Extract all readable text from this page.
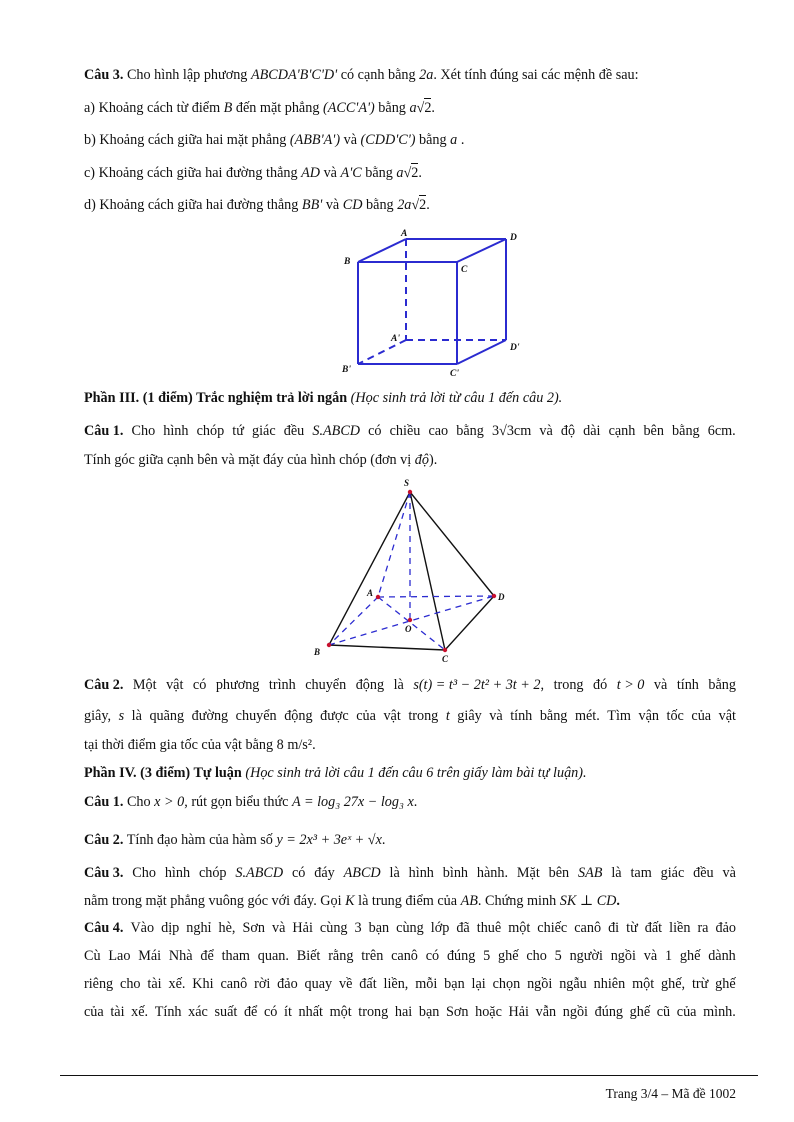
Câu 3. Cho hình lập phương ABCDA'B'C'D' có cạnh bằng 2a. Xét tính đúng sai các mệnh đề sau:
a) Khoảng cách từ điểm B đến mặt phẳng (ACC'A') bằng a√2.
b) Khoảng cách giữa hai mặt phẳng (ABB'A') và (CDD'C') bằng a .
c) Khoảng cách giữa hai đường thẳng AD và A'C bằng a√2.
d) Khoảng cách giữa hai đường thẳng BB' và CD bằng 2a√2.
A	D
B
C
A'
D'
B'	C'
Phần III. (1 điểm) Trắc nghiệm trả lời ngắn (Học sinh trả lời từ câu 1 đến câu 2).
Câu 1. Cho hình chóp tứ giác đều S.ABCD có chiều cao bằng 3√3cm và độ dài cạnh bên bằng 6cm.
Tính góc giữa cạnh bên và mặt đáy của hình chóp (đơn vị độ).
S
A
B
C
D
O
Câu 2. Một vật có phương trình chuyển động là s(t) = t³ − 2t² + 3t + 2, trong đó t > 0 và tính bằng
giây, s là quãng đường chuyển động được của vật trong t giây và tính bằng mét. Tìm vận tốc của vật
tại thời điểm gia tốc của vật bằng 8 m/s².
Phần IV. (3 điểm) Tự luận (Học sinh trả lời câu 1 đến câu 6 trên giấy làm bài tự luận).
Câu 1. Cho x > 0, rút gọn biểu thức A = log₃ 27x − log₃ x.
Câu 2. Tính đạo hàm của hàm số y = 2x³ + 3eˣ + √x.
Câu 3. Cho hình chóp S.ABCD có đáy ABCD là hình bình hành. Mặt bên SAB là tam giác đều và
nằm trong mặt phẳng vuông góc với đáy. Gọi K là trung điểm của AB. Chứng minh SK ⊥ CD.
Câu 4. Vào dịp nghỉ hè, Sơn và Hải cùng 3 bạn cùng lớp đã thuê một chiếc canô đi từ đất liền ra đảo
Cù Lao Mái Nhà để tham quan. Biết rằng trên canô có đúng 5 ghế cho 5 người ngồi và 1 ghế dành
riêng cho tài xế. Khi canô rời đảo quay về đất liền, mỗi bạn lại chọn ngồi ngẫu nhiên một ghế, trừ ghế
của tài xế. Tính xác suất để có ít nhất một trong hai bạn Sơn hoặc Hải vẫn ngồi đúng ghế cũ của mình.
Trang 3/4 – Mã đề 1002
